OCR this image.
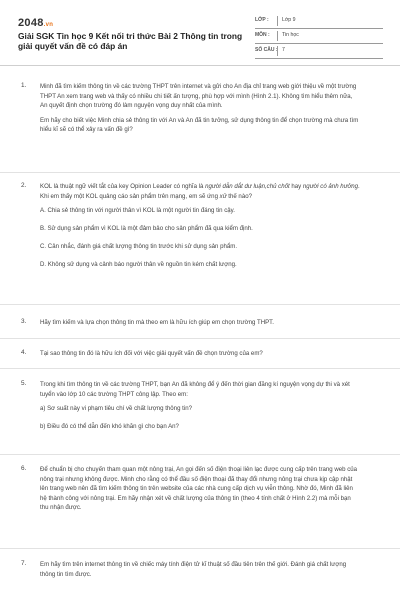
2048.vn
Giải SGK Tin học 9 Kết nối tri thức Bài 2 Thông tin trong giải quyết vấn đề có đáp án
LỚP :	Lớp 9
MÔN : Tin học
SỐ CÂU : 7
1. Minh đã tìm kiếm thông tin về các trường THPT trên internet và gửi cho An địa chỉ trang web giới thiệu về một trường THPT An xem trang web và thấy có nhiều chi tiết ấn tượng, phù hợp với mình (Hình 2.1). Không tìm hiểu thêm nữa, An quyết định chọn trường đó làm nguyện vọng duy nhất của mình.

Em hãy cho biết việc Minh chia sẻ thông tin với An và An đã tin tưởng, sử dụng thông tin để chọn trường mà chưa tìm hiểu kĩ sẽ có thể xảy ra vấn đề gì?

2. KOL là thuật ngữ viết tắt của key Opinion Leader có nghĩa là người dẫn dắt dư luận,chủ chốt hay người có ảnh hưởng. Khi em thấy một KOL quảng cáo sản phẩm trên mạng, em sẽ ứng xử thế nào?

A. Chia sẻ thông tin với người thân vì KOL là một người tin đáng tin cậy.

B. Sử dụng sản phẩm vì KOL là một đảm bảo cho sản phẩm đã qua kiểm định.

C. Cân nhắc, đánh giá chất lượng thông tin trước khi sử dụng sản phẩm.

D. Không sử dụng và cảnh báo người thân về nguồn tin kém chất lượng.

3. Hãy tìm kiếm và lựa chọn thông tin mà theo em là hữu ích giúp em chọn trường THPT.

4. Tại sao thông tin đó là hữu ích đối với việc giải quyết vấn đề chọn trường của em?

5. Trong khi tìm thông tin về các trường THPT, bạn An đã không để ý đến thời gian đăng kí nguyện vọng dự thi và xét tuyển vào lớp 10 các trường THPT công lập. Theo em:

a) Sơ suất này vi phạm tiêu chí về chất lượng thông tin?

b) Điều đó có thể dẫn đến khó khăn gì cho bạn An?

6. Để chuẩn bị cho chuyến tham quan một nông trại, An gọi đến số điện thoại liên lạc được cung cấp trên trang web của nông trại nhưng không được. Minh cho rằng có thể đầu số điện thoại đã thay đổi nhưng nông trại chưa kịp cập nhật lên trang web nên đã tìm kiếm thông tin trên website của các nhà cung cấp dịch vụ viễn thông. Nhờ đó, Minh đã liên hệ thành công với nông trại. Em hãy nhận xét về chất lượng của thông tin (theo 4 tính chất ở Hình 2.2) mà mỗi bạn thu nhận được.

7. Em hãy tìm trên internet thông tin về chiếc máy tính điện tử kĩ thuật số đầu tiên trên thế giới. Đánh giá chất lượng thông tin tìm được.
